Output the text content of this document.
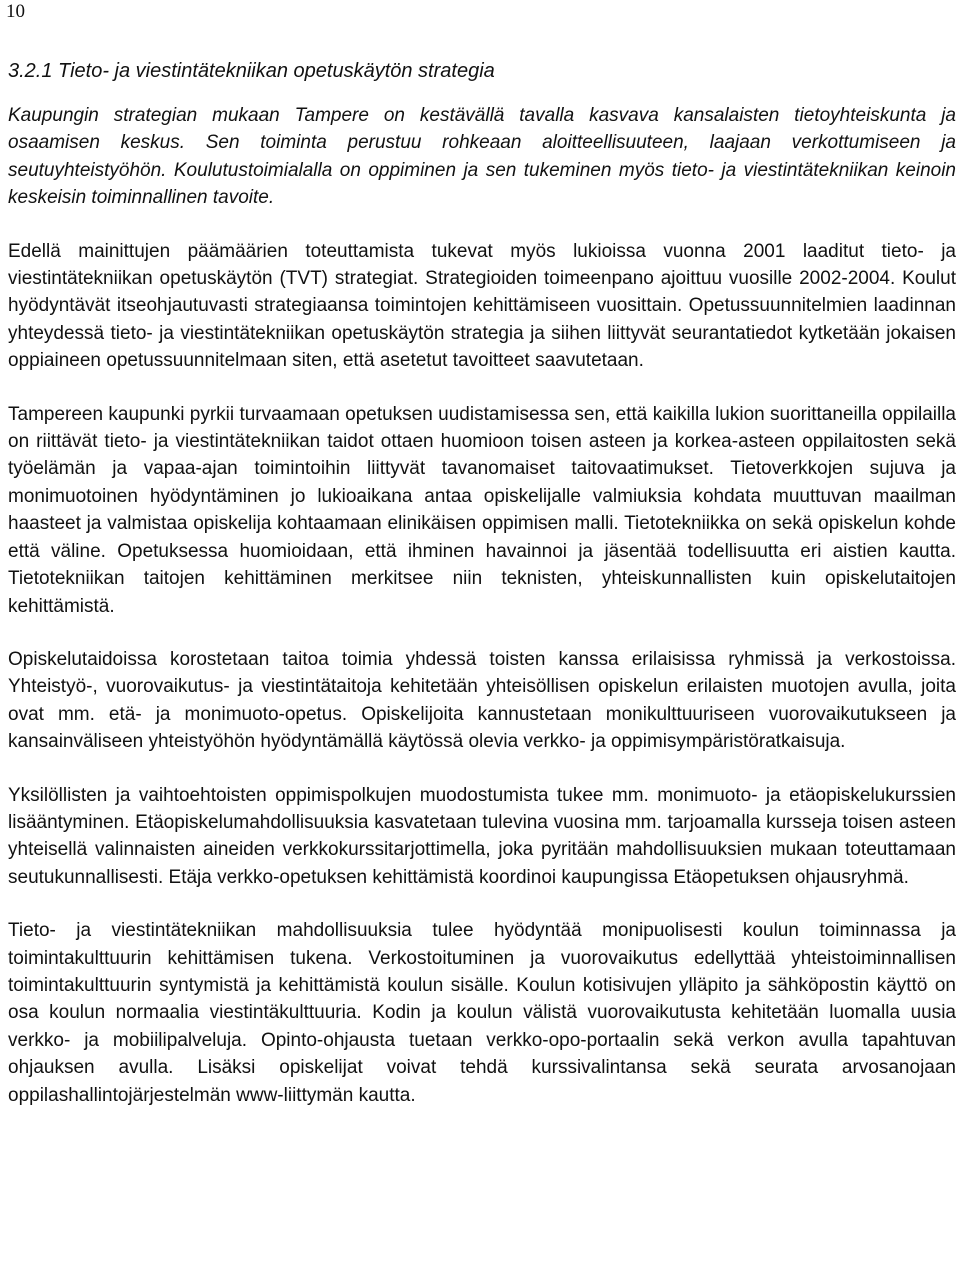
10
3.2.1 Tieto- ja viestintätekniikan opetuskäytön strategia

Kaupungin strategian mukaan Tampere on kestävällä tavalla kasvava kansalaisten tietoyhteiskunta ja osaamisen keskus. Sen toiminta perustuu rohkeaan aloitteellisuuteen, laajaan verkottumiseen ja seutuyhteistyöhön. Koulutustoimialalla on oppiminen ja sen tukeminen myös tieto- ja viestintätekniikan keinoin keskeisin toiminnallinen tavoite.

Edellä mainittujen päämäärien toteuttamista tukevat myös lukioissa vuonna 2001 laaditut tieto- ja viestintätekniikan opetuskäytön (TVT) strategiat. Strategioiden toimeenpano ajoittuu vuosille 2002-2004. Koulut hyödyntävät itseohjautuvasti strategiaansa toimintojen kehittämiseen vuosittain. Opetussuunnitelmien laadinnan yhteydessä tieto- ja viestintätekniikan opetuskäytön strategia ja siihen liittyvät seurantatiedot kytketään jokaisen oppiaineen opetussuunnitelmaan siten, että asetetut tavoitteet saavutetaan.

Tampereen kaupunki pyrkii turvaamaan opetuksen uudistamisessa sen, että kaikilla lukion suorittaneilla oppilailla on riittävät tieto- ja viestintätekniikan taidot ottaen huomioon toisen asteen ja korkea-asteen oppilaitosten sekä työelämän ja vapaa-ajan toimintoihin liittyvät tavanomaiset taitovaatimukset. Tietoverkkojen sujuva ja monimuotoinen hyödyntäminen jo lukioaikana antaa opiskelijalle valmiuksia kohdata muuttuvan maailman haasteet ja valmistaa opiskelija kohtaamaan elinikäisen oppimisen malli. Tietotekniikka on sekä opiskelun kohde että väline. Opetuksessa huomioidaan, että ihminen havainnoi ja jäsentää todellisuutta eri aistien kautta. Tietotekniikan taitojen kehittäminen merkitsee niin teknisten, yhteiskunnallisten kuin opiskelutaitojen kehittämistä.

Opiskelutaidoissa korostetaan taitoa toimia yhdessä toisten kanssa erilaisissa ryhmissä ja verkostoissa. Yhteistyö-, vuorovaikutus- ja viestintätaitoja kehitetään yhteisöllisen opiskelun erilaisten muotojen avulla, joita ovat mm. etä- ja monimuoto-opetus. Opiskelijoita kannustetaan monikulttuuriseen vuorovaikutukseen ja kansainväliseen yhteistyöhön hyödyntämällä käytössä olevia verkko- ja oppimisympäristöratkaisuja.

Yksilöllisten ja vaihtoehtoisten oppimispolkujen muodostumista tukee mm. monimuoto- ja etäopiskelukurssien lisääntyminen. Etäopiskelumahdollisuuksia kasvatetaan tulevina vuosina mm. tarjoamalla kursseja toisen asteen yhteisellä valinnaisten aineiden verkkokurssitarjottimella, joka pyritään mahdollisuuksien mukaan toteuttamaan seutukunnallisesti. Etäja verkko-opetuksen kehittämistä koordinoi kaupungissa Etäopetuksen ohjausryhmä.

Tieto- ja viestintätekniikan mahdollisuuksia tulee hyödyntää monipuolisesti koulun toiminnassa ja toimintakulttuurin kehittämisen tukena. Verkostoituminen ja vuorovaikutus edellyttää yhteistoiminnallisen toimintakulttuurin syntymistä ja kehittämistä koulun sisälle. Koulun kotisivujen ylläpito ja sähköpostin käyttö on osa koulun normaalia viestintäkulttuuria. Kodin ja koulun välistä vuorovaikutusta kehitetään luomalla uusia verkko- ja mobiilipalveluja. Opinto-ohjausta tuetaan verkko-opo-portaalin sekä verkon avulla tapahtuvan ohjauksen avulla. Lisäksi opiskelijat voivat tehdä kurssivalintansa sekä seurata arvosanojaan oppilashallintojärjestelmän www-liittymän kautta.
